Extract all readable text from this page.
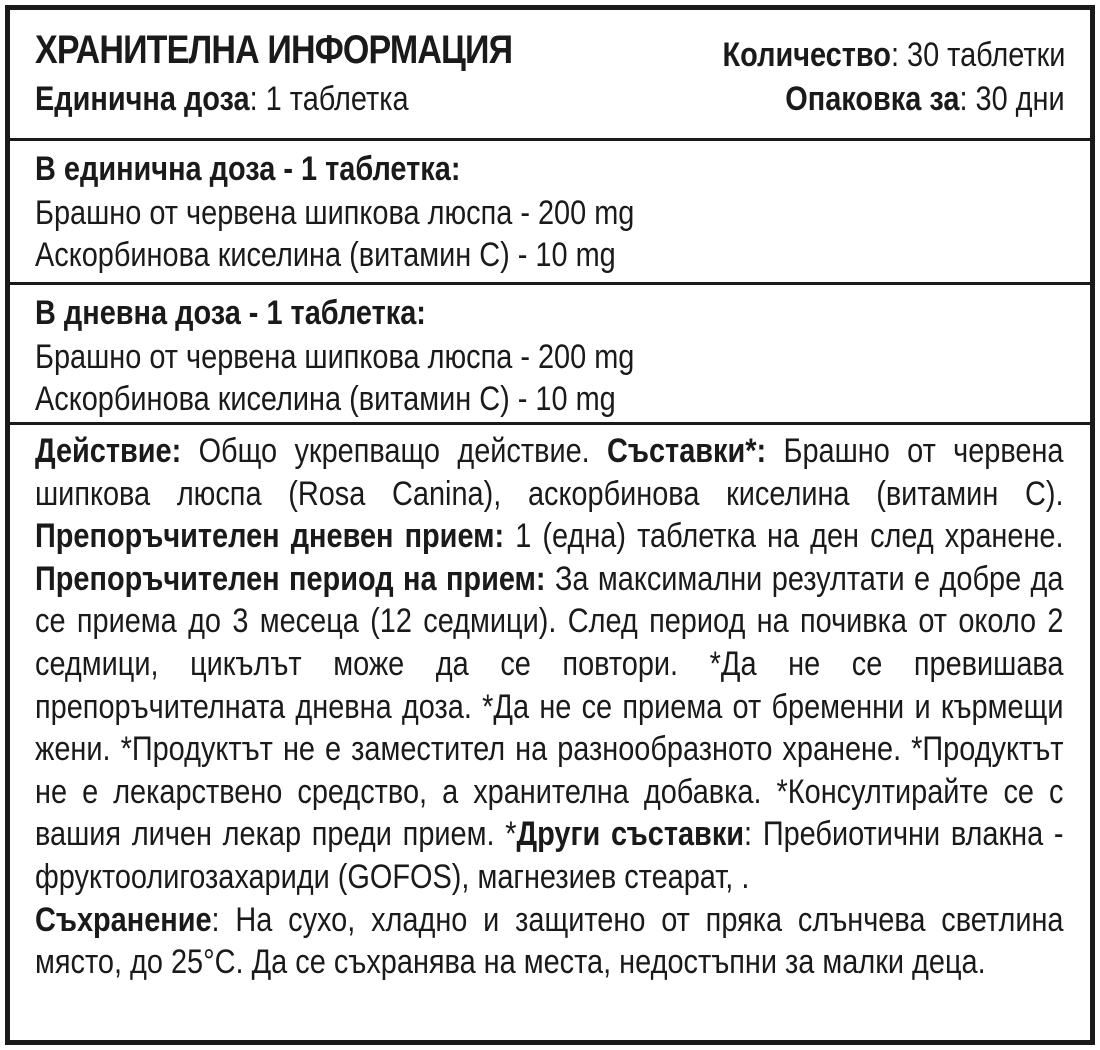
ХРАНИТЕЛНА ИНФОРМАЦИЯ
Единична доза: 1 таблетка
Количество: 30 таблетки
Опаковка за: 30 дни
В единична доза - 1 таблетка:
Брашно от червена шипкова люспа - 200 mg
Аскорбинова киселина (витамин С) - 10 mg
В дневна доза - 1 таблетка:
Брашно от червена шипкова люспа - 200 mg
Аскорбинова киселина (витамин С) - 10 mg

Действие: Общо укрепващо действие. Съставки*: Брашно от червена шипкова люспа (Rosa Canina), аскорбинова киселина (витамин С). Препоръчителен дневен прием: 1 (една) таблетка на ден след хранене. Препоръчителен период на прием: За максимални резултати е добре да се приема до 3 месеца (12 седмици). След период на почивка от около 2 седмици, цикълът може да се повтори. *Да не се превишава препоръчителната дневна доза. *Да не се приема от бременни и кърмещи жени. *Продуктът не е заместител на разнообразното хранене. *Продуктът не е лекарствено средство, а хранителна добавка. *Консултирайте се с вашия личен лекар преди прием. *Други съставки: Пребиотични влакна - фруктоолигозахариди (GOFOS), магнезиев стеарат, .

Съхранение: На сухо, хладно и защитено от пряка слънчева светлина място, до 25°С. Да се съхранява на места, недостъпни за малки деца.
